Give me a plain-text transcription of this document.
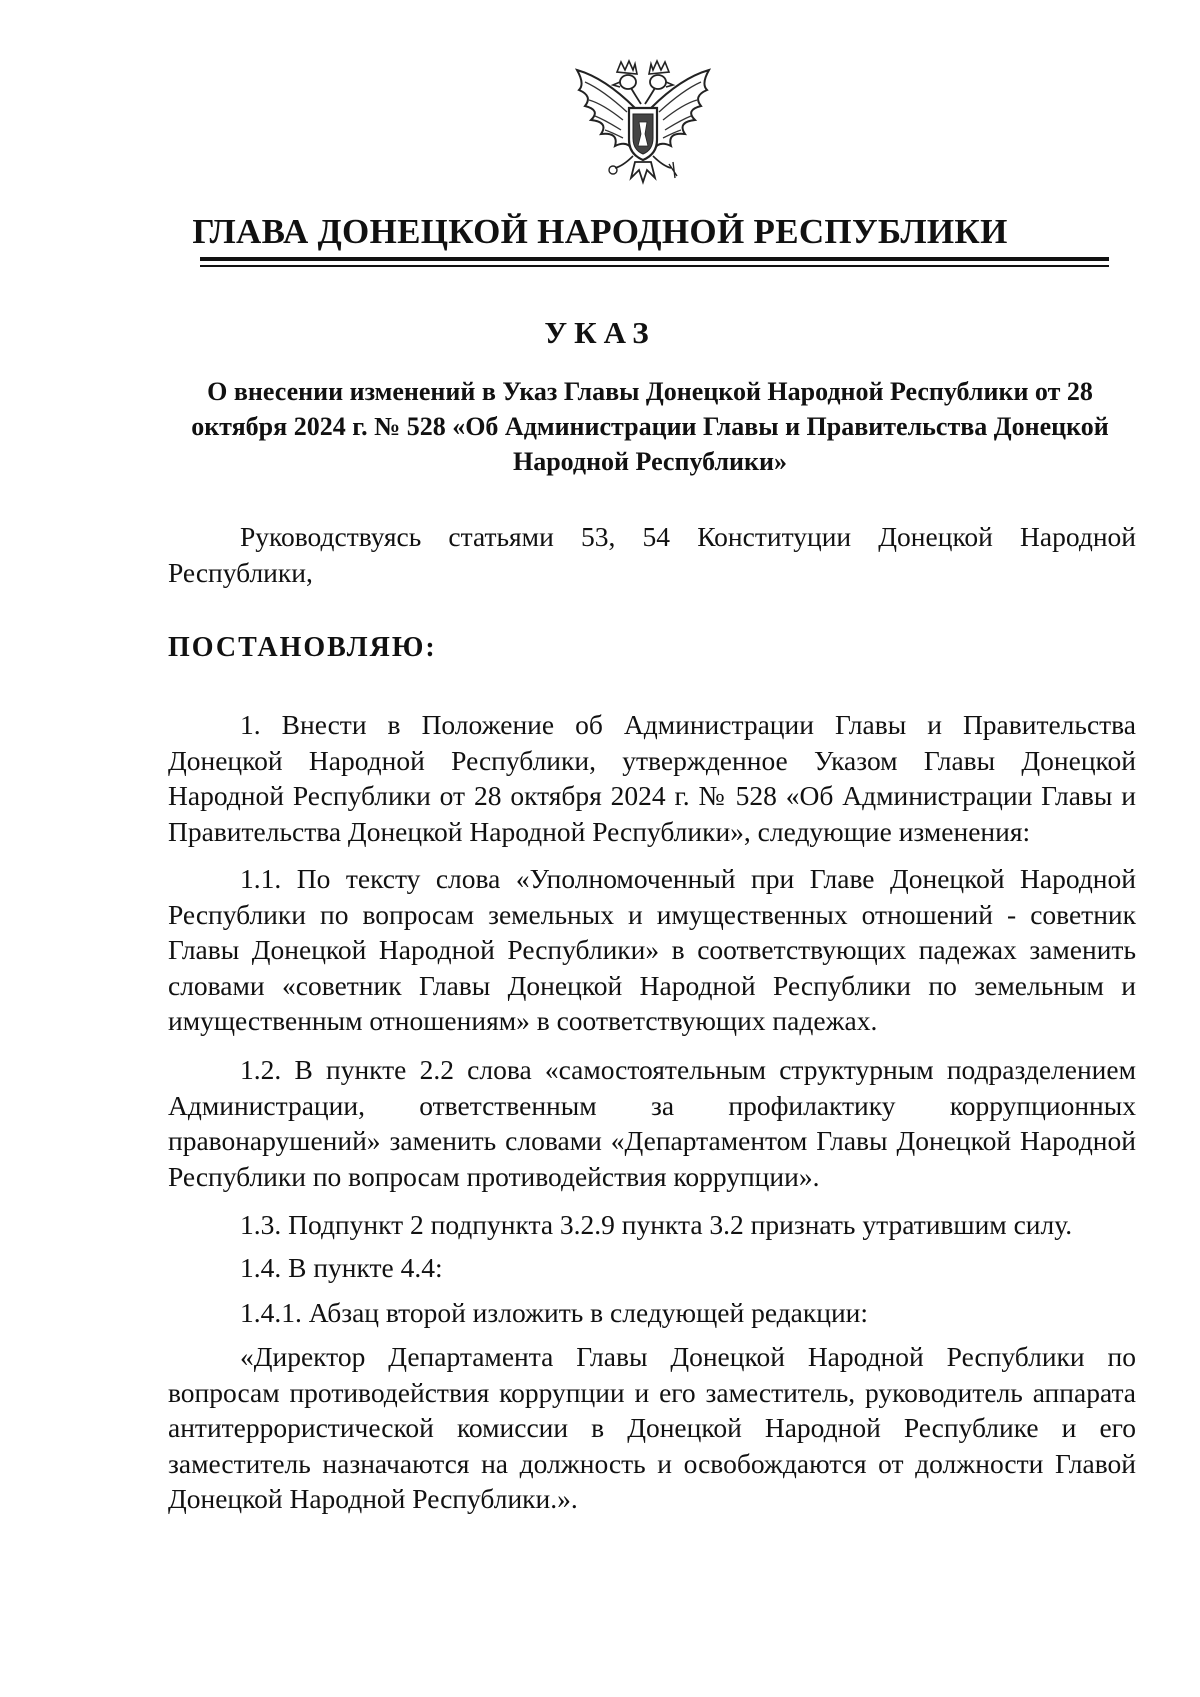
ГЛАВА ДОНЕЦКОЙ НАРОДНОЙ РЕСПУБЛИКИ
УКАЗ

О внесении изменений в Указ Главы Донецкой Народной Республики от 28 октября 2024 г. № 528 «Об Администрации Главы и Правительства Донецкой Народной Республики»

Руководствуясь статьями 53, 54 Конституции Донецкой Народной Республики,

ПОСТАНОВЛЯЮ:

1. Внести в Положение об Администрации Главы и Правительства Донецкой Народной Республики, утвержденное Указом Главы Донецкой Народной Республики от 28 октября 2024 г. № 528 «Об Администрации Главы и Правительства Донецкой Народной Республики», следующие изменения:

1.1. По тексту слова «Уполномоченный при Главе Донецкой Народной Республики по вопросам земельных и имущественных отношений - советник Главы Донецкой Народной Республики» в соответствующих падежах заменить словами «советник Главы Донецкой Народной Республики по земельным и имущественным отношениям» в соответствующих падежах.

1.2. В пункте 2.2 слова «самостоятельным структурным подразделением Администрации, ответственным за профилактику коррупционных правонарушений» заменить словами «Департаментом Главы Донецкой Народной Республики по вопросам противодействия коррупции».

1.3. Подпункт 2 подпункта 3.2.9 пункта 3.2 признать утратившим силу.

1.4. В пункте 4.4:

1.4.1. Абзац второй изложить в следующей редакции:

«Директор Департамента Главы Донецкой Народной Республики по вопросам противодействия коррупции и его заместитель, руководитель аппарата антитеррористической комиссии в Донецкой Народной Республике и его заместитель назначаются на должность и освобождаются от должности Главой Донецкой Народной Республики.».
